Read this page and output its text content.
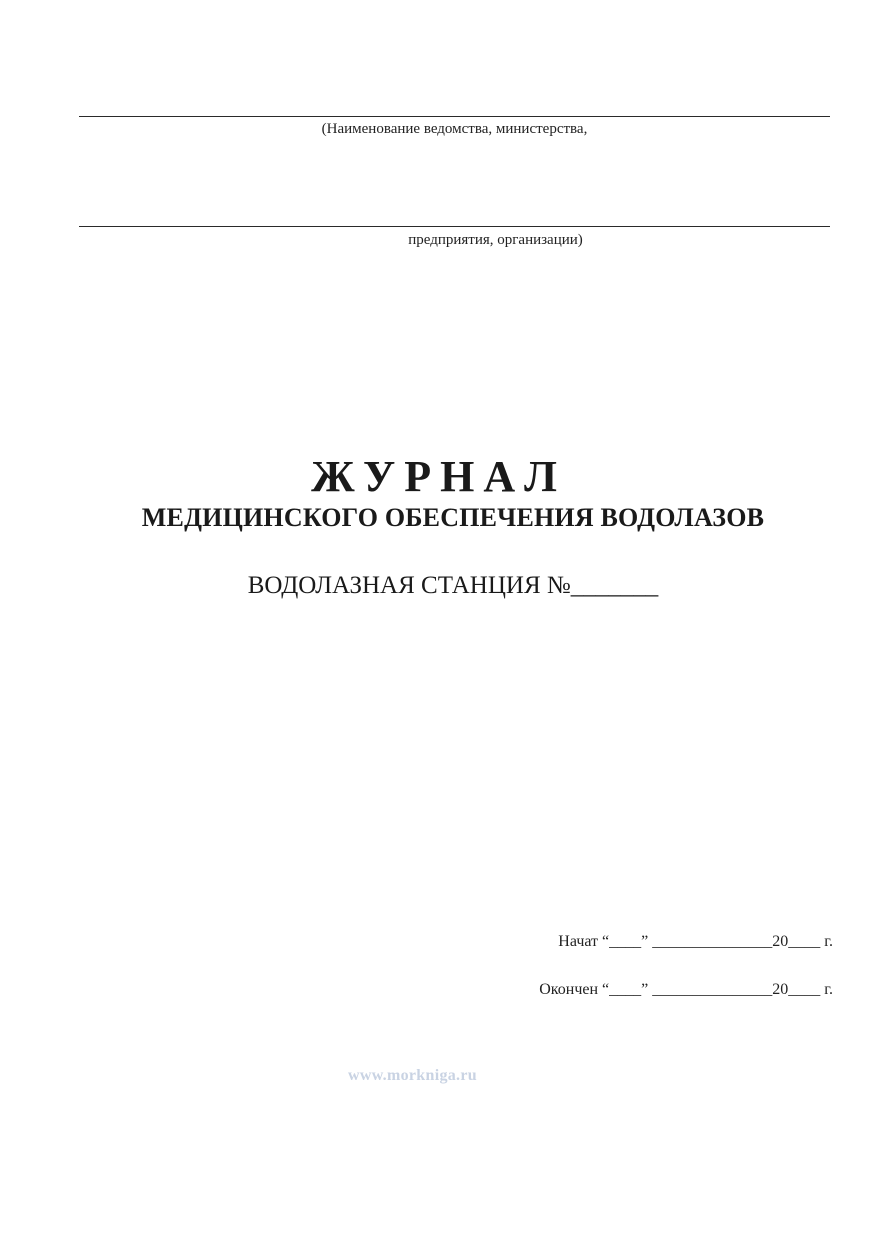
(Наименование ведомства, министерства,
предприятия, организации)
ЖУРНАЛ
МЕДИЦИНСКОГО ОБЕСПЕЧЕНИЯ ВОДОЛАЗОВ
ВОДОЛАЗНАЯ СТАНЦИЯ №_______
Начат “____” _______________20____ г.
Окончен “____” _______________20____ г.
www.morkniga.ru
